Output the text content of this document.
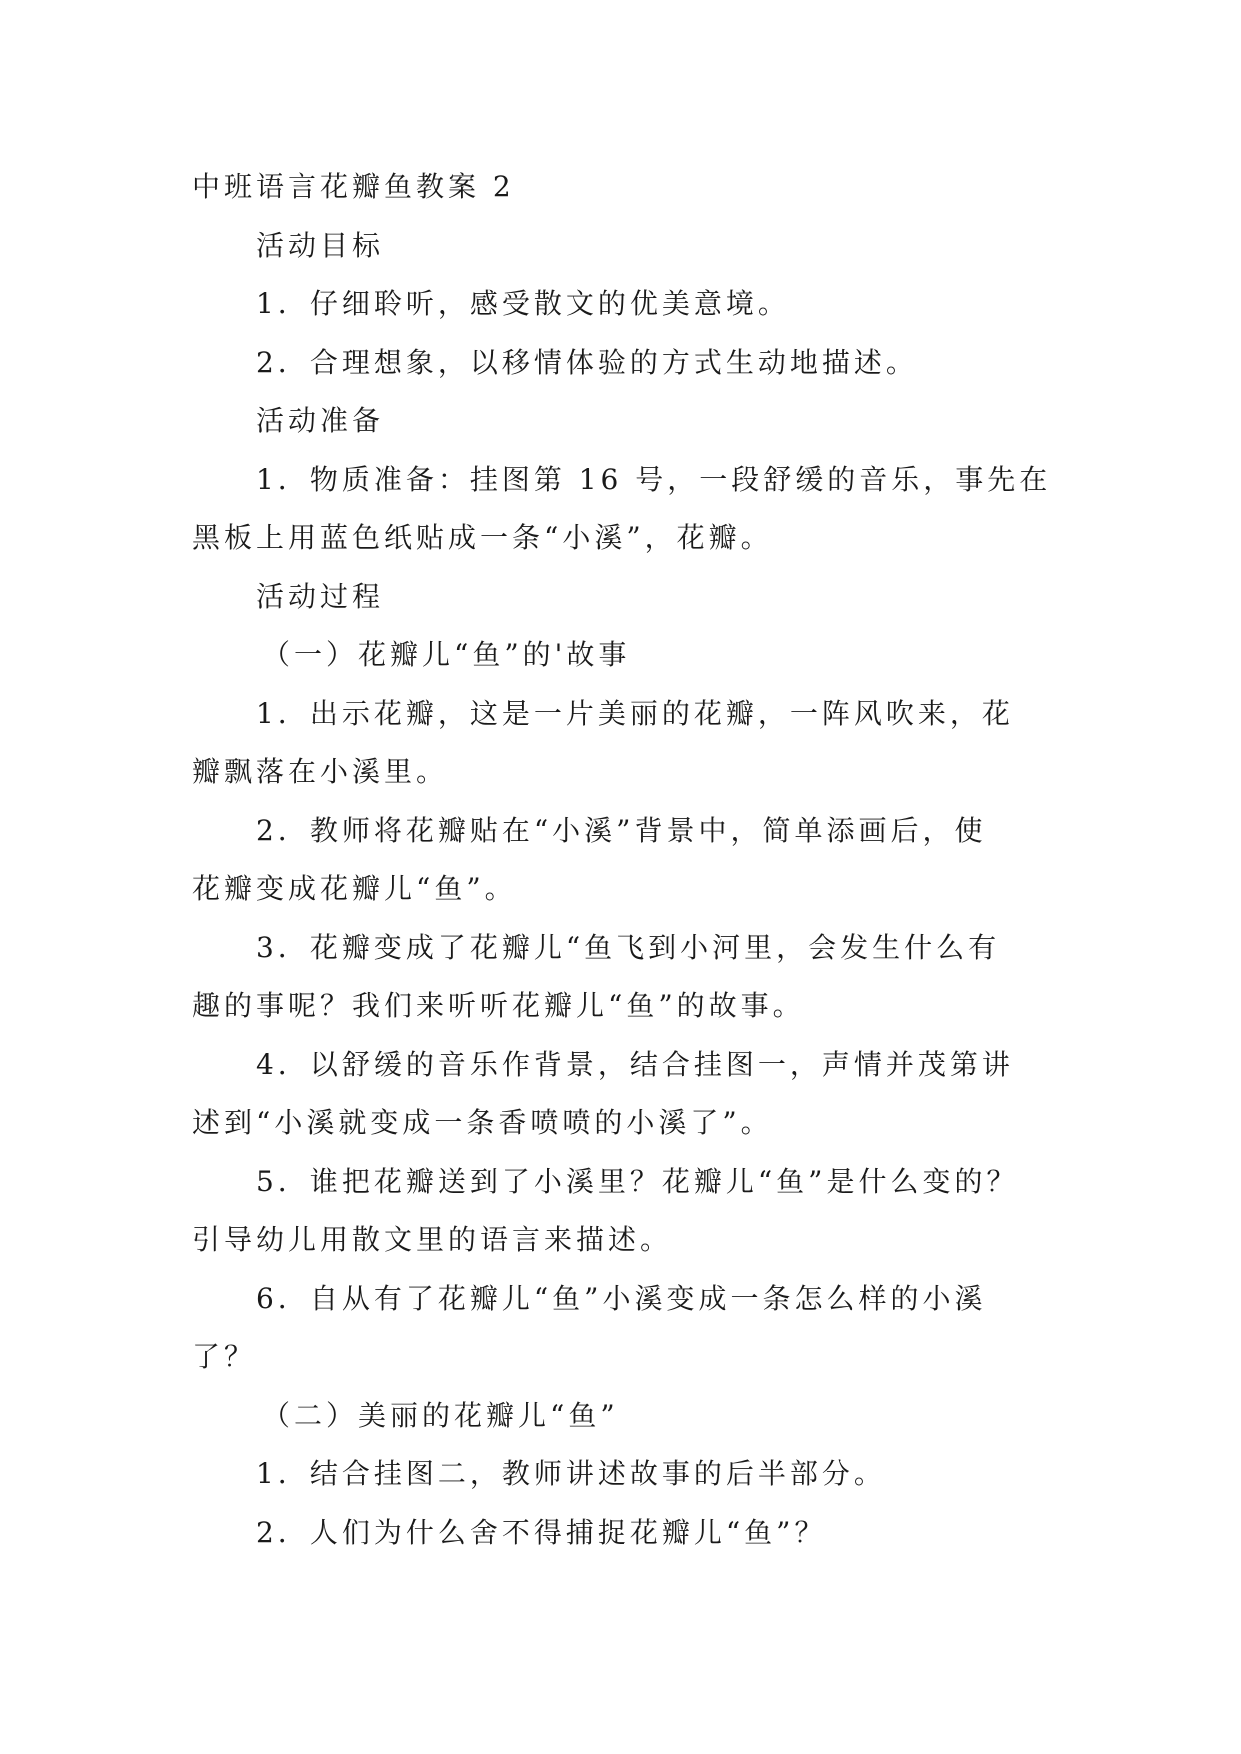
中班语言花瓣鱼教案 2

活动目标

1．仔细聆听，感受散文的优美意境。

2．合理想象，以移情体验的方式生动地描述。

活动准备

1．物质准备：挂图第 16 号，一段舒缓的音乐，事先在

黑板上用蓝色纸贴成一条“小溪”，花瓣。

活动过程

（一）花瓣儿“鱼”的'故事

1．出示花瓣，这是一片美丽的花瓣，一阵风吹来，花

瓣飘落在小溪里。

2．教师将花瓣贴在“小溪”背景中，简单添画后，使

花瓣变成花瓣儿“鱼”。

3．花瓣变成了花瓣儿“鱼飞到小河里，会发生什么有

趣的事呢？我们来听听花瓣儿“鱼”的故事。

4．以舒缓的音乐作背景，结合挂图一，声情并茂第讲

述到“小溪就变成一条香喷喷的小溪了”。

5．谁把花瓣送到了小溪里？花瓣儿“鱼”是什么变的？

引导幼儿用散文里的语言来描述。

6．自从有了花瓣儿“鱼”小溪变成一条怎么样的小溪

了？

（二）美丽的花瓣儿“鱼”

1．结合挂图二，教师讲述故事的后半部分。

2．人们为什么舍不得捕捉花瓣儿“鱼”？
